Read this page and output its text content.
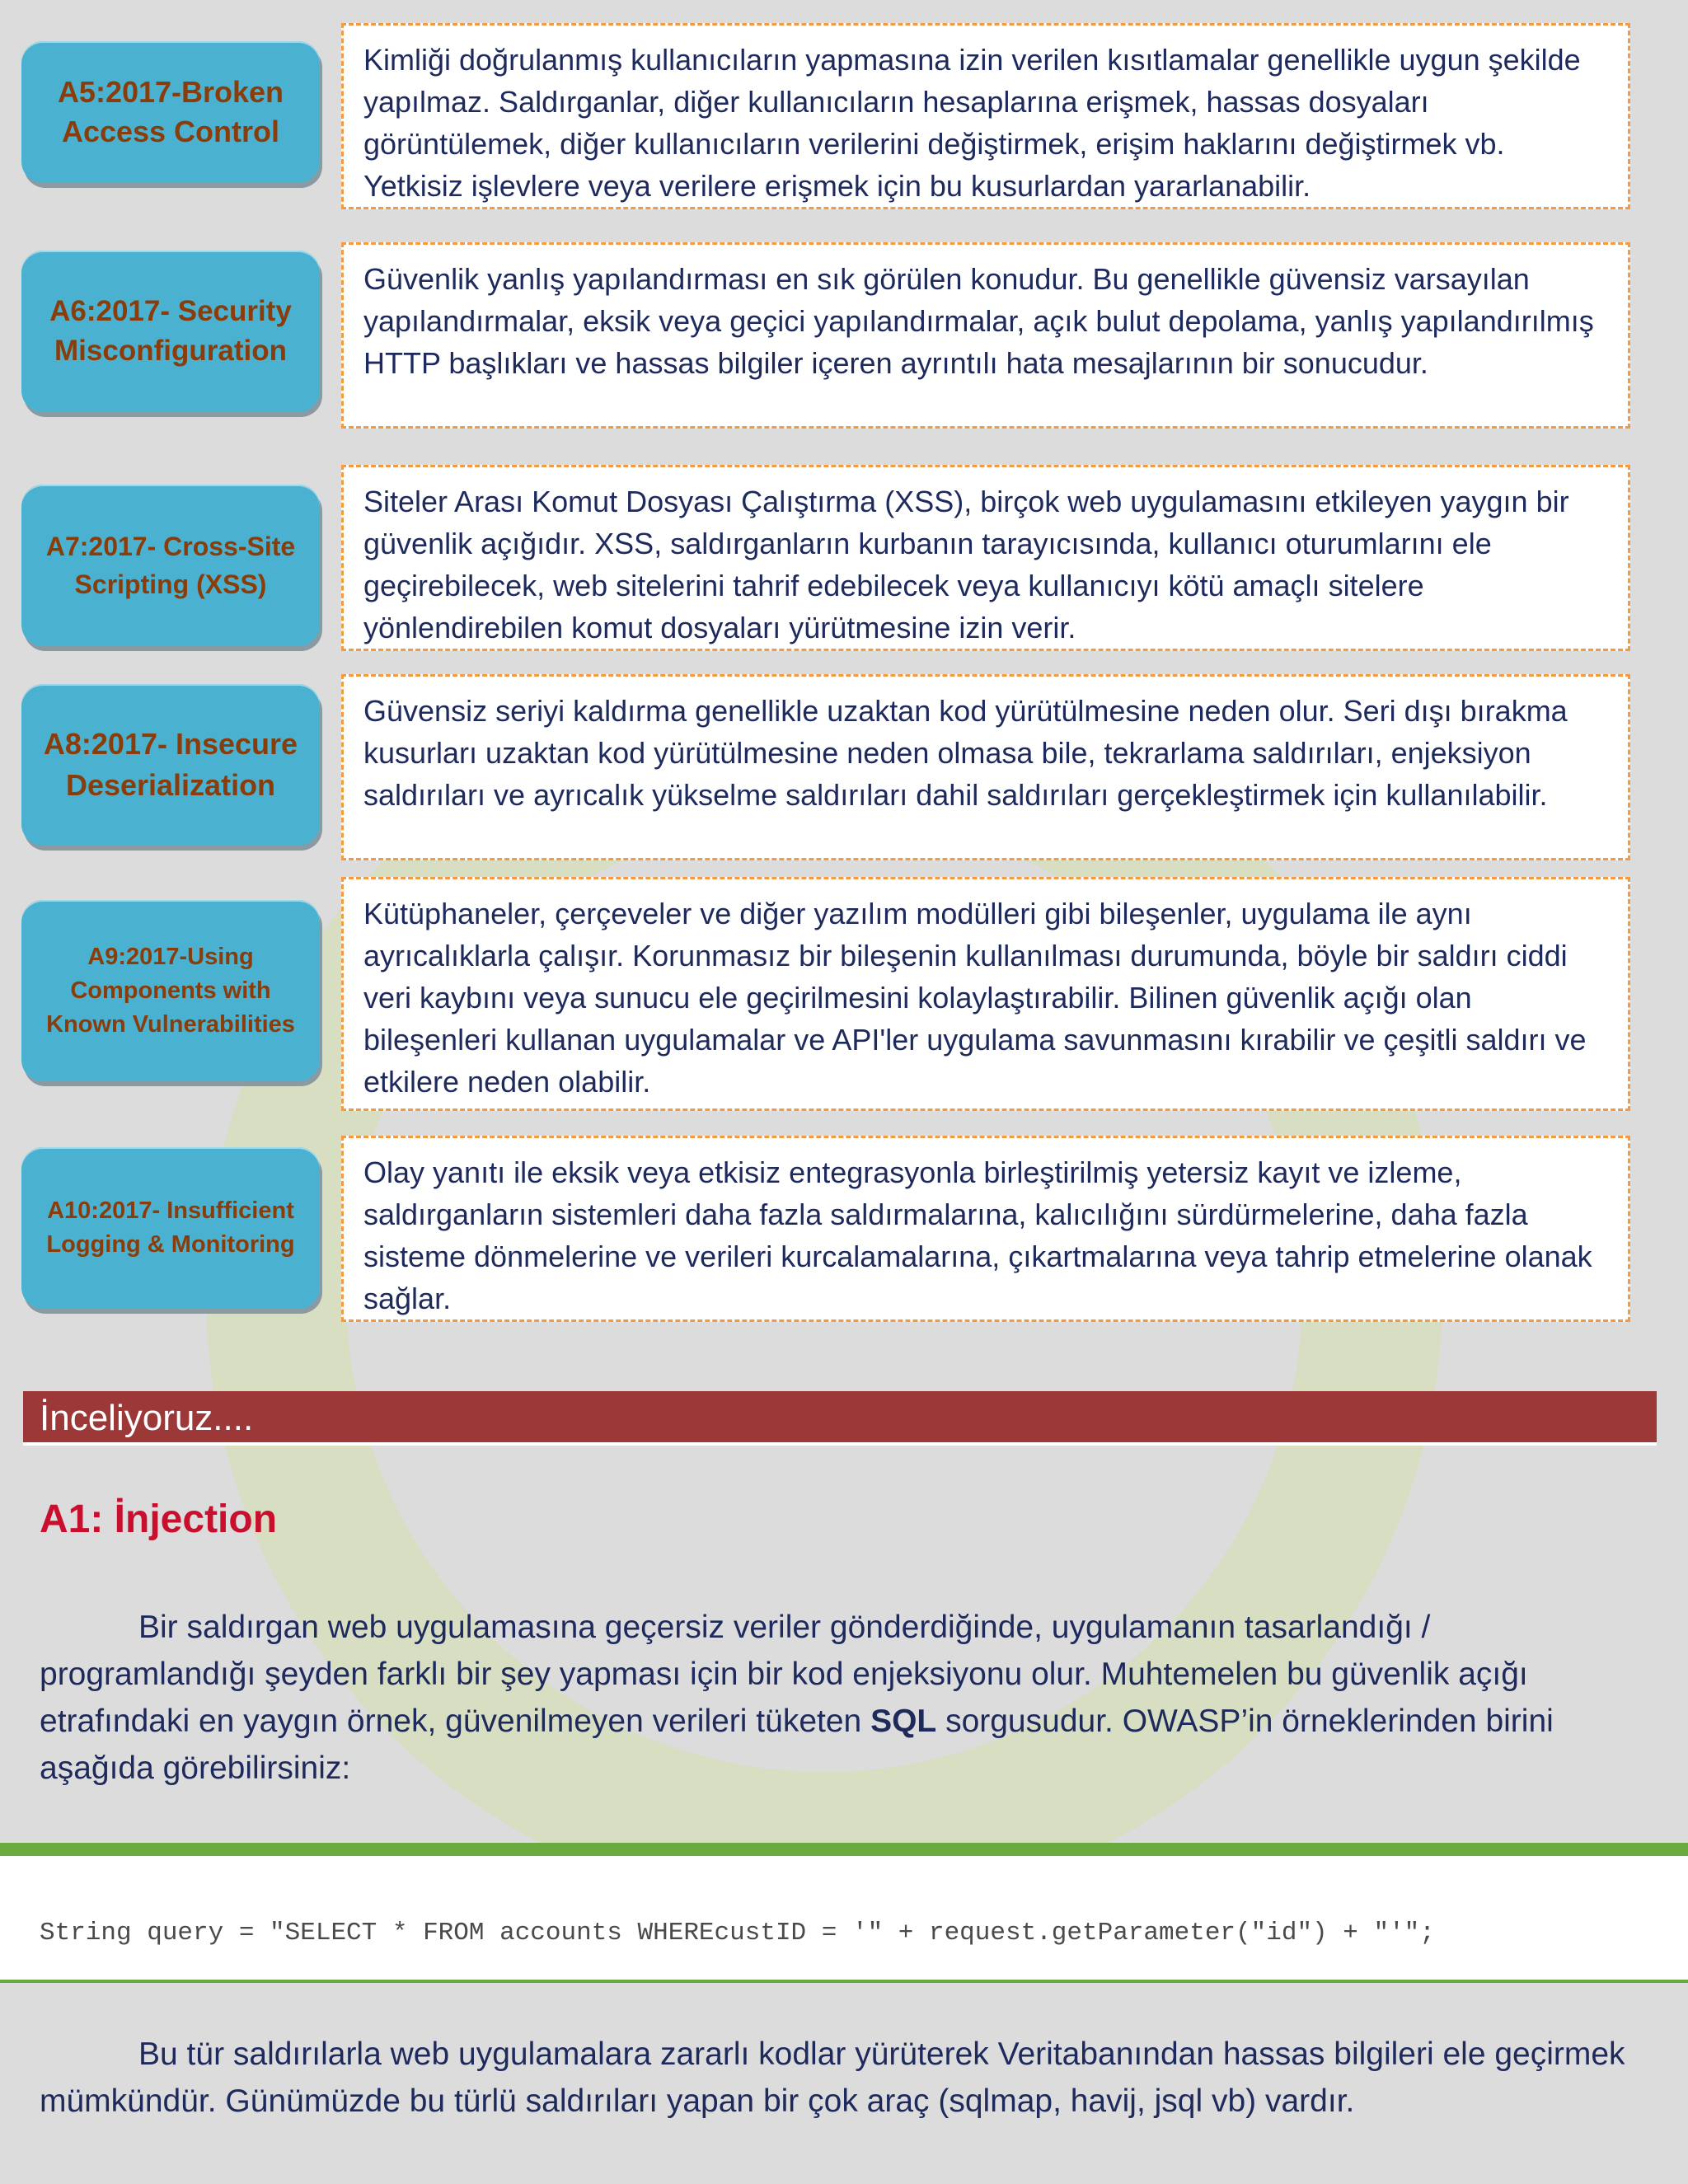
A5:2017-Broken Access Control
Kimliği doğrulanmış kullanıcıların yapmasına izin verilen kısıtlamalar genellikle uygun şekilde yapılmaz. Saldırganlar, diğer kullanıcıların hesaplarına erişmek, hassas dosyaları görüntülemek, diğer kullanıcıların verilerini değiştirmek, erişim haklarını değiştirmek vb. Yetkisiz işlevlere veya verilere erişmek için bu kusurlardan yararlanabilir.
A6:2017- Security Misconfiguration
Güvenlik yanlış yapılandırması en sık görülen konudur. Bu genellikle güvensiz varsayılan yapılandırmalar, eksik veya geçici yapılandırmalar, açık bulut depolama, yanlış yapılandırılmış HTTP başlıkları ve hassas bilgiler içeren ayrıntılı hata mesajlarının bir sonucudur.
A7:2017- Cross-Site Scripting (XSS)
Siteler Arası Komut Dosyası Çalıştırma (XSS), birçok web uygulamasını etkileyen yaygın bir güvenlik açığıdır. XSS, saldırganların kurbanın tarayıcısında, kullanıcı oturumlarını ele geçirebilecek, web sitelerini tahrif edebilecek veya kullanıcıyı kötü amaçlı sitelere yönlendirebilen komut dosyaları yürütmesine izin verir.
A8:2017- Insecure Deserialization
Güvensiz seriyi kaldırma genellikle uzaktan kod yürütülmesine neden olur. Seri dışı bırakma kusurları uzaktan kod yürütülmesine neden olmasa bile, tekrarlama saldırıları, enjeksiyon saldırıları ve ayrıcalık yükselme saldırıları dahil saldırıları gerçekleştirmek için kullanılabilir.
A9:2017-Using Components with Known Vulnerabilities
Kütüphaneler, çerçeveler ve diğer yazılım modülleri gibi bileşenler, uygulama ile aynı ayrıcalıklarla çalışır. Korunmasız bir bileşenin kullanılması durumunda, böyle bir saldırı ciddi veri kaybını veya sunucu ele geçirilmesini kolaylaştırabilir. Bilinen güvenlik açığı olan bileşenleri kullanan uygulamalar ve API'ler uygulama savunmasını kırabilir ve çeşitli saldırı ve etkilere neden olabilir.
A10:2017- Insufficient Logging & Monitoring
Olay yanıtı ile eksik veya etkisiz entegrasyonla birleştirilmiş yetersiz kayıt ve izleme, saldırganların sistemleri daha fazla saldırmalarına, kalıcılığını sürdürmelerine, daha fazla sisteme dönmelerine ve verileri kurcalamalarına, çıkartmalarına veya tahrip etmelerine olanak sağlar.
İnceliyoruz....
A1: İnjection
Bir saldırgan web uygulamasına geçersiz veriler gönderdiğinde, uygulamanın tasarlandığı / programlandığı şeyden farklı bir şey yapması için bir kod enjeksiyonu olur. Muhtemelen bu güvenlik açığı etrafındaki en yaygın örnek, güvenilmeyen verileri tüketen SQL sorgusudur. OWASP’in örneklerinden birini aşağıda görebilirsiniz:
String query = "SELECT * FROM accounts WHEREcustID = '" + request.getParameter("id") + "'";
Bu tür saldırılarla web uygulamalara zararlı kodlar yürüterek Veritabanından hassas bilgileri ele geçirmek mümkündür. Günümüzde bu türlü saldırıları yapan bir çok araç (sqlmap, havij, jsql vb) vardır.
